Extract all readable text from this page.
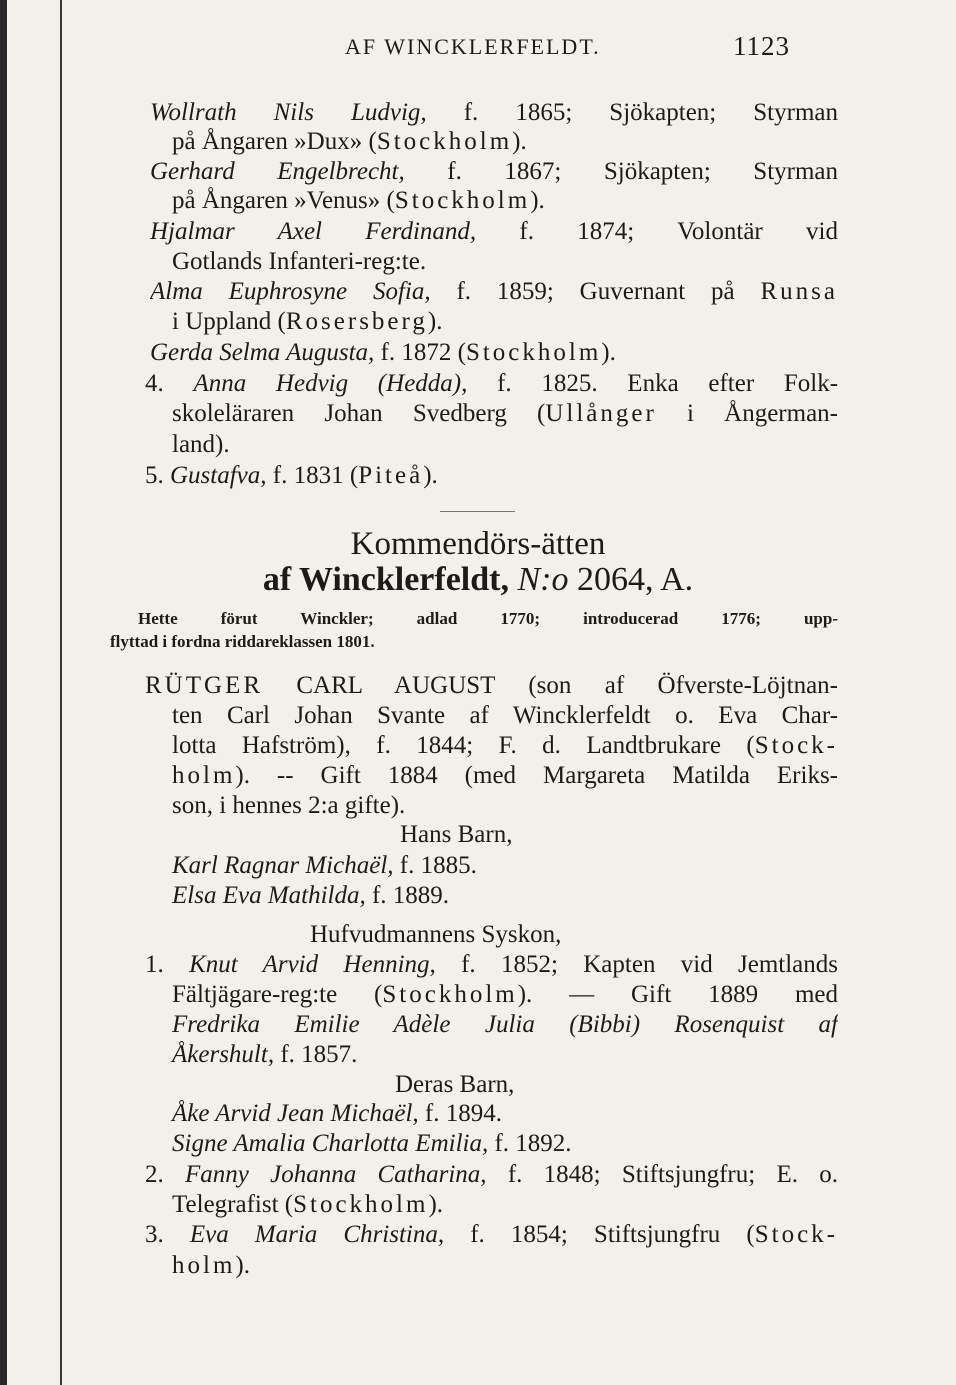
AF WINCKLERFELDT.	1123
Kommendörs-ätten
af Wincklerfeldt, N:o 2064, A.
Wollrath Nils Ludvig, f. 1865; Sjökapten; Styrman
på Ångaren »Dux» (Stockholm).
Gerhard Engelbrecht, f. 1867; Sjökapten; Styrman
på Ångaren »Venus» (Stockholm).
Hjalmar Axel Ferdinand, f. 1874; Volontär vid
Gotlands Infanteri-reg:te.
Alma Euphrosyne Sofia, f. 1859; Guvernant på Runsa
i Uppland (Rosersberg).
Gerda Selma Augusta, f. 1872 (Stockholm).
4. Anna Hedvig (Hedda), f. 1825. Enka efter Folk-
skoleläraren Johan Svedberg (Ullånger i Ångerman-
land).
5. Gustafva, f. 1831 (Piteå).
Hette förut Winckler; adlad 1770; introducerad 1776; upp-
flyttad i fordna riddareklassen 1801.
RÜTGER CARL AUGUST (son af Öfverste-Löjtnan-
ten Carl Johan Svante af Wincklerfeldt o. Eva Char-
lotta Hafström), f. 1844; F. d. Landtbrukare (Stock-
holm). -- Gift 1884 (med Margareta Matilda Eriks-
son, i hennes 2:a gifte).
Hans Barn,
Karl Ragnar Michaël, f. 1885.
Elsa Eva Mathilda, f. 1889.
Hufvudmannens Syskon,
1. Knut Arvid Henning, f. 1852; Kapten vid Jemtlands
Fältjägare-reg:te (Stockholm). — Gift 1889 med
Fredrika Emilie Adèle Julia (Bibbi) Rosenquist af
Åkershult, f. 1857.
Deras Barn,
Åke Arvid Jean Michaël, f. 1894.
Signe Amalia Charlotta Emilia, f. 1892.
2. Fanny Johanna Catharina, f. 1848; Stiftsjungfru; E. o.
Telegrafist (Stockholm).
3. Eva Maria Christina, f. 1854; Stiftsjungfru (Stock-
holm).
